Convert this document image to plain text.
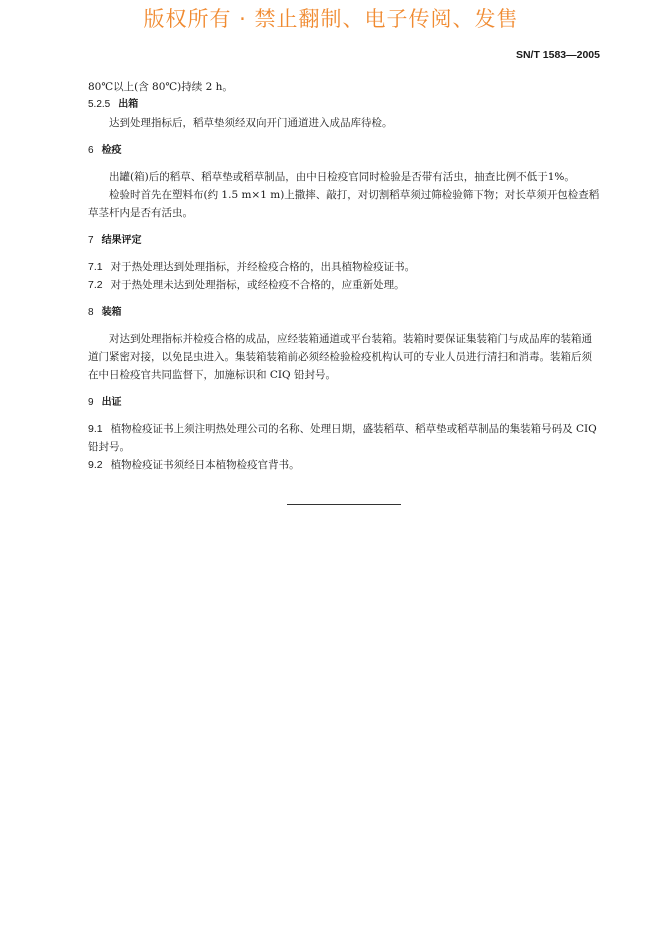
版权所有 · 禁止翻制、电子传阅、发售
SN/T 1583—2005

80℃以上(含 80℃)持续 2 h。

5.2.5 出箱

达到处理指标后，稻草垫须经双向开门通道进入成品库待检。

6 检疫

出罐(箱)后的稻草、稻草垫或稻草制品，由中日检疫官同时检验是否带有活虫，抽查比例不低于1%。

检验时首先在塑料布(约 1.5 m×1 m)上撒摔、敲打，对切割稻草须过筛检验筛下物；对长草须开包检查稻草茎杆内是否有活虫。

7 结果评定

7.1 对于热处理达到处理指标，并经检疫合格的，出具植物检疫证书。

7.2 对于热处理未达到处理指标，或经检疫不合格的，应重新处理。

8 装箱

对达到处理指标并检疫合格的成品，应经装箱通道或平台装箱。装箱时要保证集装箱门与成品库的装箱通道门紧密对接，以免昆虫进入。集装箱装箱前必须经检验检疫机构认可的专业人员进行清扫和消毒。装箱后须在中日检疫官共同监督下，加施标识和 CIQ 铅封号。

9 出证

9.1 植物检疫证书上须注明热处理公司的名称、处理日期，盛装稻草、稻草垫或稻草制品的集装箱号码及 CIQ 铅封号。

9.2 植物检疫证书须经日本植物检疫官背书。
